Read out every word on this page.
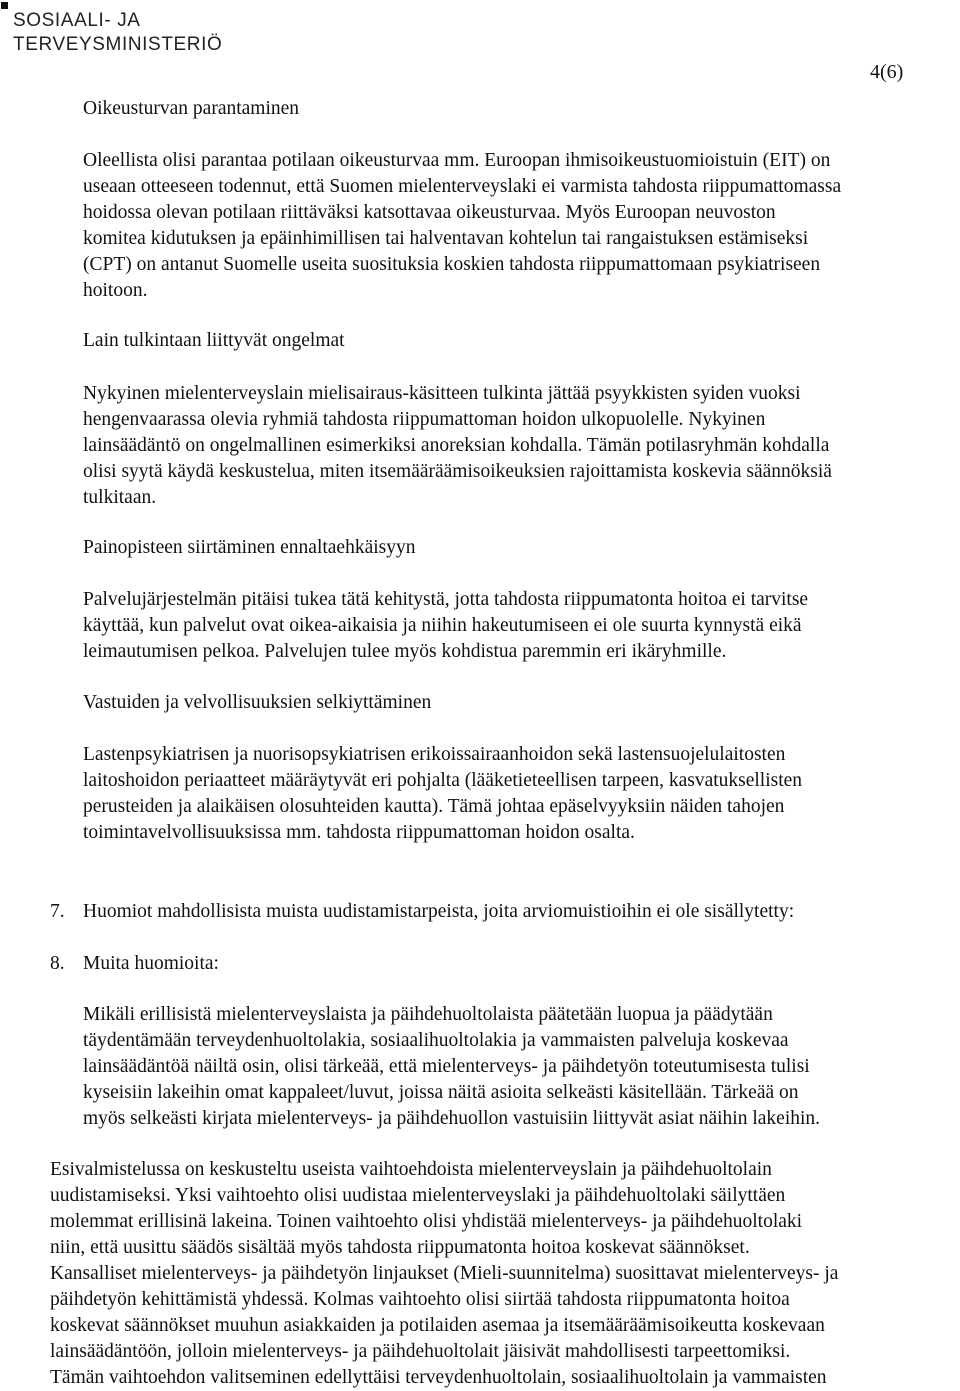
SOSIAALI- JA
TERVEYSMINISTERIÖ
4(6)
Oikeusturvan parantaminen
Oleellista olisi parantaa potilaan oikeusturvaa mm. Euroopan ihmisoikeustuomioistuin (EIT) on
useaan otteeseen todennut, että Suomen mielenterveyslaki ei varmista tahdosta riippumattomassa
hoidossa olevan potilaan riittäväksi katsottavaa oikeusturvaa. Myös Euroopan neuvoston
komitea kidutuksen ja epäinhimillisen tai halventavan kohtelun tai rangaistuksen estämiseksi
(CPT) on antanut Suomelle useita suosituksia koskien tahdosta riippumattomaan psykiatriseen
hoitoon.
Lain tulkintaan liittyvät ongelmat
Nykyinen mielenterveyslain mielisairaus-käsitteen tulkinta jättää psyykkisten syiden vuoksi
hengenvaarassa olevia ryhmiä tahdosta riippumattoman hoidon ulkopuolelle. Nykyinen
lainsäädäntö on ongelmallinen esimerkiksi anoreksian kohdalla. Tämän potilasryhmän kohdalla
olisi syytä käydä keskustelua, miten itsemääräämisoikeuksien rajoittamista koskevia säännöksiä
tulkitaan.
Painopisteen siirtäminen ennaltaehkäisyyn
Palvelujärjestelmän pitäisi tukea tätä kehitystä, jotta tahdosta riippumatonta hoitoa ei tarvitse
käyttää, kun palvelut ovat oikea-aikaisia ja niihin hakeutumiseen ei ole suurta kynnystä eikä
leimautumisen pelkoa. Palvelujen tulee myös kohdistua paremmin eri ikäryhmille.
Vastuiden ja velvollisuuksien selkiyttäminen
Lastenpsykiatrisen ja nuorisopsykiatrisen erikoissairaanhoidon sekä lastensuojelulaitosten
laitoshoidon periaatteet määräytyvät eri pohjalta (lääketieteellisen tarpeen, kasvatuksellisten
perusteiden ja alaikäisen olosuhteiden kautta). Tämä johtaa epäselvyyksiin näiden tahojen
toimintavelvollisuuksissa mm. tahdosta riippumattoman hoidon osalta.
7. Huomiot mahdollisista muista uudistamistarpeista, joita arviomuistioihin ei ole sisällytetty:
8. Muita huomioita:
Mikäli erillisistä mielenterveyslaista ja päihdehuoltolaista päätetään luopua ja päädytään
täydentämään terveydenhuoltolakia, sosiaalihuoltolakia ja vammaisten palveluja koskevaa
lainsäädäntöä näiltä osin, olisi tärkeää, että mielenterveys- ja päihdetyön toteutumisesta tulisi
kyseisiin lakeihin omat kappaleet/luvut, joissa näitä asioita selkeästi käsitellään. Tärkeää on
myös selkeästi kirjata mielenterveys- ja päihdehuollon vastuisiin liittyvät asiat näihin lakeihin.
Esivalmistelussa on keskusteltu useista vaihtoehdoista mielenterveyslain ja päihdehuoltolain
uudistamiseksi. Yksi vaihtoehto olisi uudistaa mielenterveyslaki ja päihdehuoltolaki säilyttäen
molemmat erillisinä lakeina. Toinen vaihtoehto olisi yhdistää mielenterveys- ja päihdehuoltolaki
niin, että uusittu säädös sisältää myös tahdosta riippumatonta hoitoa koskevat säännökset.
Kansalliset mielenterveys- ja päihdetyön linjaukset (Mieli-suunnitelma) suosittavat mielenterveys- ja
päihdetyön kehittämistä yhdessä. Kolmas vaihtoehto olisi siirtää tahdosta riippumatonta hoitoa
koskevat säännökset muuhun asiakkaiden ja potilaiden asemaa ja itsemääräämisoikeutta koskevaan
lainsäädäntöön, jolloin mielenterveys- ja päihdehuoltolait jäisivät mahdollisesti tarpeettomiksi.
Tämän vaihtoehdon valitseminen edellyttäisi terveydenhuoltolain, sosiaalihuoltolain ja vammaisten
